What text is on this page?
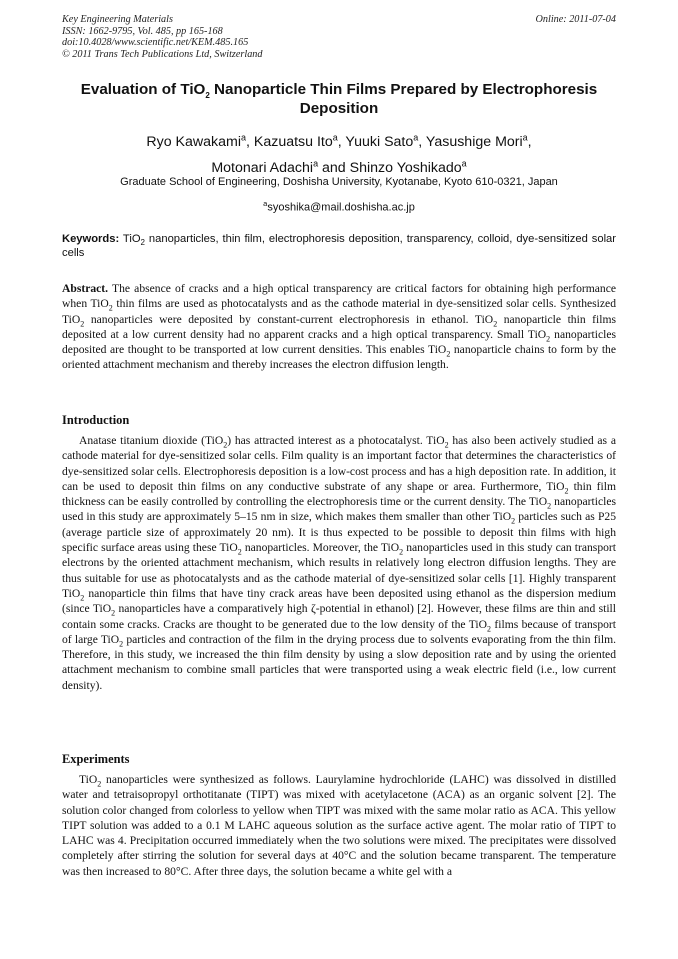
Key Engineering Materials
ISSN: 1662-9795, Vol. 485, pp 165-168
doi:10.4028/www.scientific.net/KEM.485.165
© 2011 Trans Tech Publications Ltd, Switzerland
Online: 2011-07-04
Evaluation of TiO$_2$ Nanoparticle Thin Films Prepared by Electrophoresis Deposition
Ryo Kawakami$^a$, Kazuatsu Ito$^a$, Yuuki Sato$^a$, Yasushige Mori$^a$,
Motonari Adachi$^a$ and Shinzo Yoshikado$^a$
Graduate School of Engineering, Doshisha University, Kyotanabe, Kyoto 610-0321, Japan
$^a$syoshika@mail.doshisha.ac.jp
Keywords: TiO$_2$ nanoparticles, thin film, electrophoresis deposition, transparency, colloid, dye-sensitized solar cells
Abstract. The absence of cracks and a high optical transparency are critical factors for obtaining high performance when TiO$_2$ thin films are used as photocatalysts and as the cathode material in dye-sensitized solar cells. Synthesized TiO$_2$ nanoparticles were deposited by constant-current electrophoresis in ethanol. TiO$_2$ nanoparticle thin films deposited at a low current density had no apparent cracks and a high optical transparency. Small TiO$_2$ nanoparticles deposited are thought to be transported at low current densities. This enables TiO$_2$ nanoparticle chains to form by the oriented attachment mechanism and thereby increases the electron diffusion length.
Introduction
Anatase titanium dioxide (TiO$_2$) has attracted interest as a photocatalyst. TiO$_2$ has also been actively studied as a cathode material for dye-sensitized solar cells. Film quality is an important factor that determines the characteristics of dye-sensitized solar cells. Electrophoresis deposition is a low-cost process and has a high deposition rate. In addition, it can be used to deposit thin films on any conductive substrate of any shape or area. Furthermore, TiO$_2$ thin film thickness can be easily controlled by controlling the electrophoresis time or the current density. The TiO$_2$ nanoparticles used in this study are approximately 5–15 nm in size, which makes them smaller than other TiO$_2$ particles such as P25 (average particle size of approximately 20 nm). It is thus expected to be possible to deposit thin films with high specific surface areas using these TiO$_2$ nanoparticles. Moreover, the TiO$_2$ nanoparticles used in this study can transport electrons by the oriented attachment mechanism, which results in relatively long electron diffusion lengths. They are thus suitable for use as photocatalysts and as the cathode material of dye-sensitized solar cells [1]. Highly transparent TiO$_2$ nanoparticle thin films that have tiny crack areas have been deposited using ethanol as the dispersion medium (since TiO$_2$ nanoparticles have a comparatively high ζ-potential in ethanol) [2]. However, these films are thin and still contain some cracks. Cracks are thought to be generated due to the low density of the TiO$_2$ films because of transport of large TiO$_2$ particles and contraction of the film in the drying process due to solvents evaporating from the thin film. Therefore, in this study, we increased the thin film density by using a slow deposition rate and by using the oriented attachment mechanism to combine small particles that were transported using a weak electric field (i.e., low current density).
Experiments
TiO$_2$ nanoparticles were synthesized as follows. Laurylamine hydrochloride (LAHC) was dissolved in distilled water and tetraisopropyl orthotitanate (TIPT) was mixed with acetylacetone (ACA) as an organic solvent [2]. The solution color changed from colorless to yellow when TIPT was mixed with the same molar ratio as ACA. This yellow TIPT solution was added to a 0.1 M LAHC aqueous solution as the surface active agent. The molar ratio of TIPT to LAHC was 4. Precipitation occurred immediately when the two solutions were mixed. The precipitates were dissolved completely after stirring the solution for several days at 40°C and the solution became transparent. The temperature was then increased to 80°C. After three days, the solution became a white gel with a
